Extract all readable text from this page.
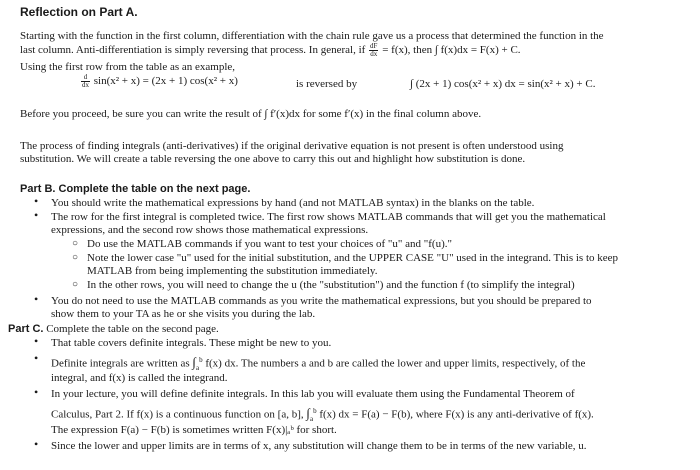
Reflection on Part A.
Starting with the function in the first column, differentiation with the chain rule gave us a process that determined the function in the
last column. Anti-differentiation is simply reversing that process. In general, if $\frac{dF}{dx} = f(x)$, then ∫ f(x)dx = F(x) + C.
Using the first row from the table as an example,
$\frac{d}{dx} \sin(x^2 + x) = (2x + 1) \cos(x^2 + x)$	is reversed by	∫ (2x + 1) cos(x² + x) dx = sin(x² + x) + C.
Before you proceed, be sure you can write the result of ∫ f′(x)dx for some f′(x) in the final column above.
The process of finding integrals (anti-derivatives) if the original derivative equation is not present is often understood using
substitution. We will create a table reversing the one above to carry this out and highlight how substitution is done.
Part B. Complete the table on the next page.
• You should write the mathematical expressions by hand (and not MATLAB syntax) in the blanks on the table.
• The row for the first integral is completed twice. The first row shows MATLAB commands that will get you the mathematical
expressions, and the second row shows those mathematical expressions.
○ Do use the MATLAB commands if you want to test your choices of "u" and "f(u)."
○ Note the lower case "u" used for the initial substitution, and the UPPER CASE "U" used in the integrand. This is to keep
MATLAB from being implementing the substitution immediately.
○ In the other rows, you will need to change the u (the "substitution") and the function f (to simplify the integral)
• You do not need to use the MATLAB commands as you write the mathematical expressions, but you should be prepared to
show them to your TA as he or she visits you during the lab.
Part C. Complete the table on the second page.
• That table covers definite integrals. These might be new to you.
• Definite integrals are written as $\int_a^b$ f(x) dx. The numbers a and b are called the lower and upper limits, respectively, of the
integral, and f(x) is called the integrand.
• In your lecture, you will define definite integrals. In this lab you will evaluate them using the Fundamental Theorem of
Calculus, Part 2. If f(x) is a continuous function on [a, b], $\int_a^b$ f(x) dx = F(a) − F(b), where F(x) is any anti-derivative of f(x).
The expression F(a) − F(b) is sometimes written F(x)|ₐᵇ for short.
• Since the lower and upper limits are in terms of x, any substitution will change them to be in terms of the new variable, u.
